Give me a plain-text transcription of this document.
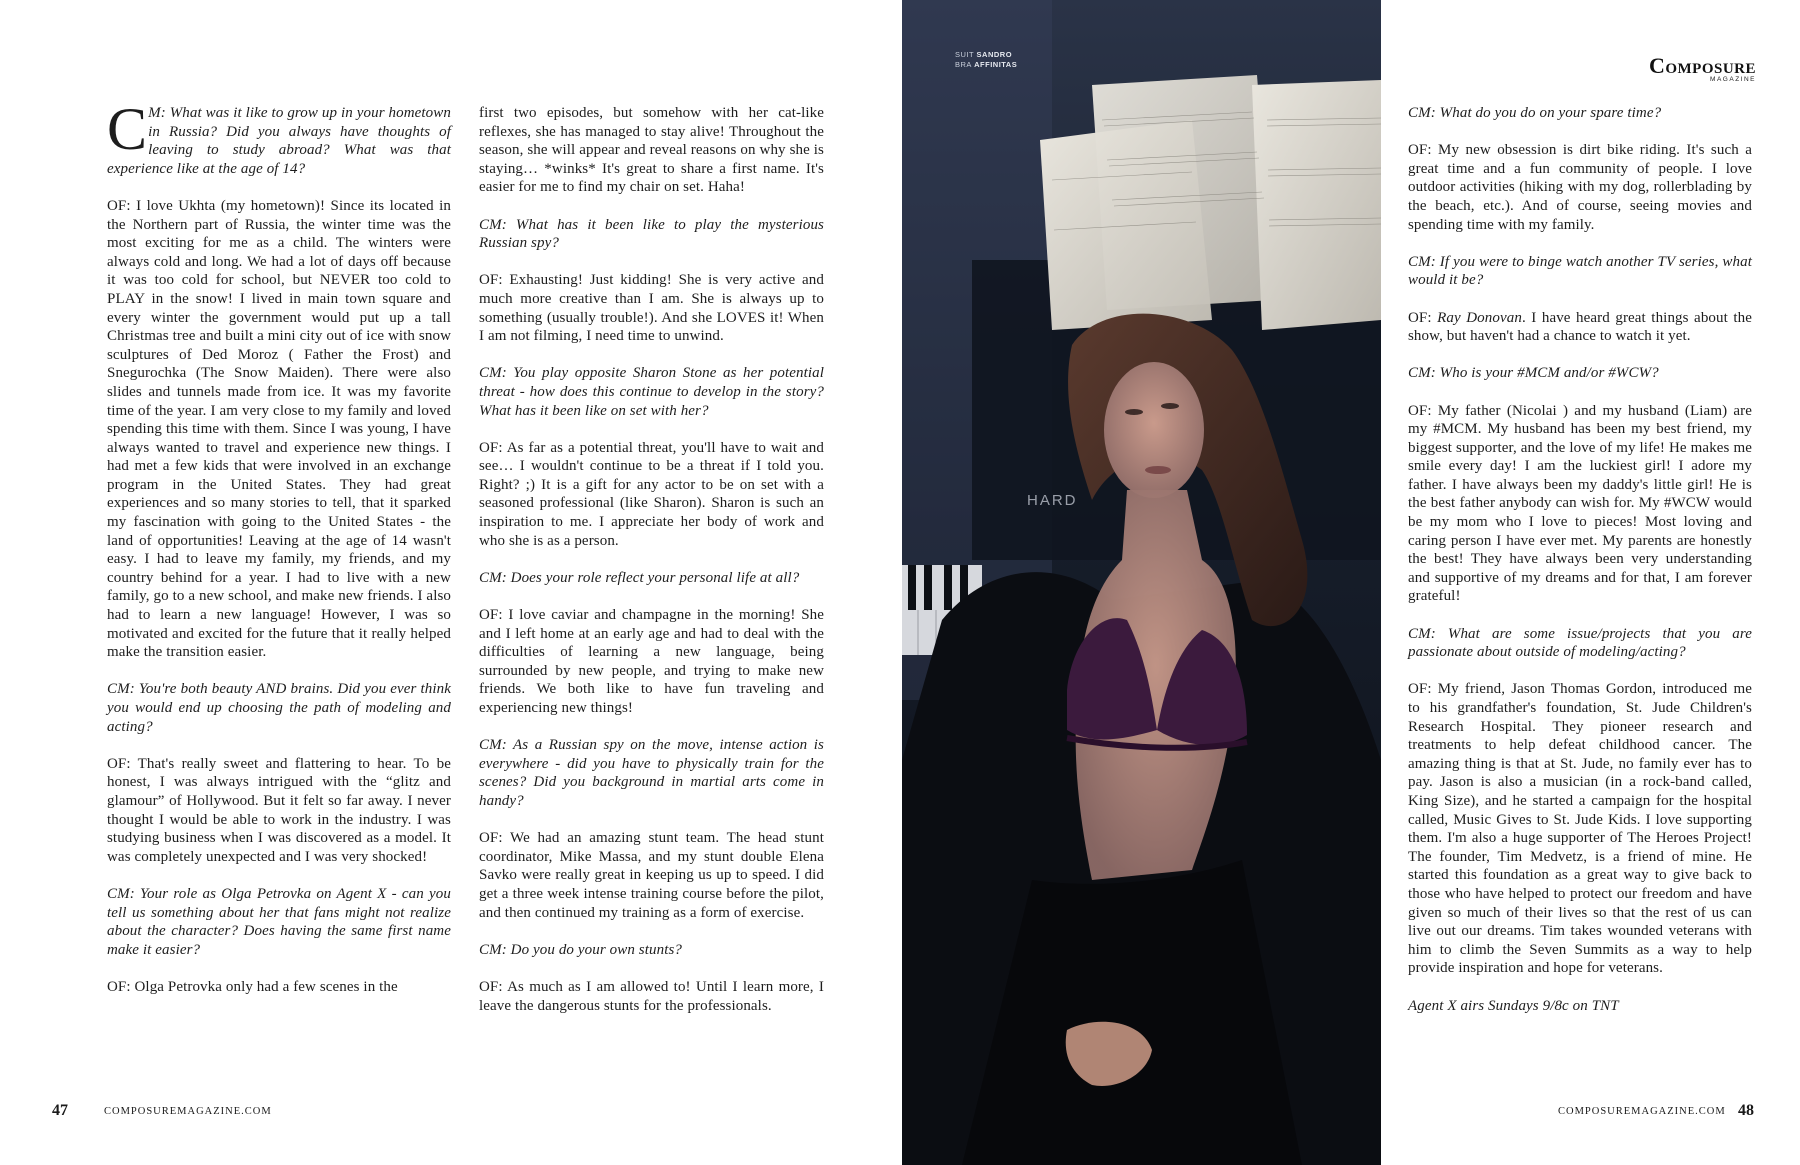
C M: What was it like to grow up in your hometown in Russia? Did you always have thoughts of leaving to study abroad? What was that experience like at the age of 14?

OF: I love Ukhta (my hometown)! Since its located in the Northern part of Russia, the winter time was the most exciting for me as a child. The winters were always cold and long. We had a lot of days off because it was too cold for school, but NEVER too cold to PLAY in the snow! I lived in main town square and every winter the government would put up a tall Christmas tree and built a mini city out of ice with snow sculptures of Ded Moroz ( Father the Frost) and Snegurochka (The Snow Maiden). There were also slides and tunnels made from ice. It was my favorite time of the year. I am very close to my family and loved spending this time with them. Since I was young, I have always wanted to travel and experience new things. I had met a few kids that were involved in an exchange program in the United States. They had great experiences and so many stories to tell, that it sparked my fascination with going to the United States - the land of opportunities! Leaving at the age of 14 wasn't easy. I had to leave my family, my friends, and my country behind for a year. I had to live with a new family, go to a new school, and make new friends. I also had to learn a new language! However, I was so motivated and excited for the future that it really helped make the transition easier.

CM: You're both beauty AND brains. Did you ever think you would end up choosing the path of modeling and acting?

OF: That's really sweet and flattering to hear. To be honest, I was always intrigued with the “glitz and glamour” of Hollywood. But it felt so far away. I never thought I would be able to work in the industry. I was studying business when I was discovered as a model. It was completely unexpected and I was very shocked!

CM: Your role as Olga Petrovka on Agent X - can you tell us something about her that fans might not realize about the character? Does having the same first name make it easier?

OF: Olga Petrovka only had a few scenes in the

first two episodes, but somehow with her cat-like reflexes, she has managed to stay alive! Throughout the season, she will appear and reveal reasons on why she is staying… *winks* It's great to share a first name. It's easier for me to find my chair on set. Haha!

CM: What has it been like to play the mysterious Russian spy?

OF: Exhausting! Just kidding! She is very active and much more creative than I am. She is always up to something (usually trouble!). And she LOVES it! When I am not filming, I need time to unwind.

CM: You play opposite Sharon Stone as her potential threat - how does this continue to develop in the story? What has it been like on set with her?

OF: As far as a potential threat, you'll have to wait and see… I wouldn't continue to be a threat if I told you. Right? ;) It is a gift for any actor to be on set with a seasoned professional (like Sharon). Sharon is such an inspiration to me. I appreciate her body of work and who she is as a person.

CM: Does your role reflect your personal life at all?

OF: I love caviar and champagne in the morning! She and I left home at an early age and had to deal with the difficulties of learning a new language, being surrounded by new people, and trying to make new friends. We both like to have fun traveling and experiencing new things!

CM: As a Russian spy on the move, intense action is everywhere - did you have to physically train for the scenes? Did you background in martial arts come in handy?

OF: We had an amazing stunt team. The head stunt coordinator, Mike Massa, and my stunt double Elena Savko were really great in keeping us up to speed. I did get a three week intense training course before the pilot, and then continued my training as a form of exercise.

CM: Do you do your own stunts?

OF: As much as I am allowed to! Until I learn more, I leave the dangerous stunts for the professionals.

47	COMPOSUREMAGAZINE.COM
HARD
SUIT SANDRO
BRA AFFINITAS	Composure
MAGAZINE

CM: What do you do on your spare time?

OF: My new obsession is dirt bike riding. It's such a great time and a fun community of people. I love outdoor activities (hiking with my dog, rollerblading by the beach, etc.). And of course, seeing movies and spending time with my family.

CM: If you were to binge watch another TV series, what would it be?

OF: Ray Donovan. I have heard great things about the show, but haven't had a chance to watch it yet.

CM: Who is your #MCM and/or #WCW?

OF: My father (Nicolai ) and my husband (Liam) are my #MCM. My husband has been my best friend, my biggest supporter, and the love of my life! He makes me smile every day! I am the luckiest girl! I adore my father. I have always been my daddy's little girl! He is the best father anybody can wish for. My #WCW would be my mom who I love to pieces! Most loving and caring person I have ever met. My parents are honestly the best! They have always been very understanding and supportive of my dreams and for that, I am forever grateful!

CM: What are some issue/projects that you are passionate about outside of modeling/acting?

OF: My friend, Jason Thomas Gordon, introduced me to his grandfather's foundation, St. Jude Children's Research Hospital. They pioneer research and treatments to help defeat childhood cancer. The amazing thing is that at St. Jude, no family ever has to pay. Jason is also a musician (in a rock-band called, King Size), and he started a campaign for the hospital called, Music Gives to St. Jude Kids. I love supporting them. I'm also a huge supporter of The Heroes Project! The founder, Tim Medvetz, is a friend of mine. He started this foundation as a great way to give back to those who have helped to protect our freedom and have given so much of their lives so that the rest of us can live out our dreams. Tim takes wounded veterans with him to climb the Seven Summits as a way to help provide inspiration and hope for veterans.

Agent X airs Sundays 9/8c on TNT

COMPOSUREMAGAZINE.COM 48
